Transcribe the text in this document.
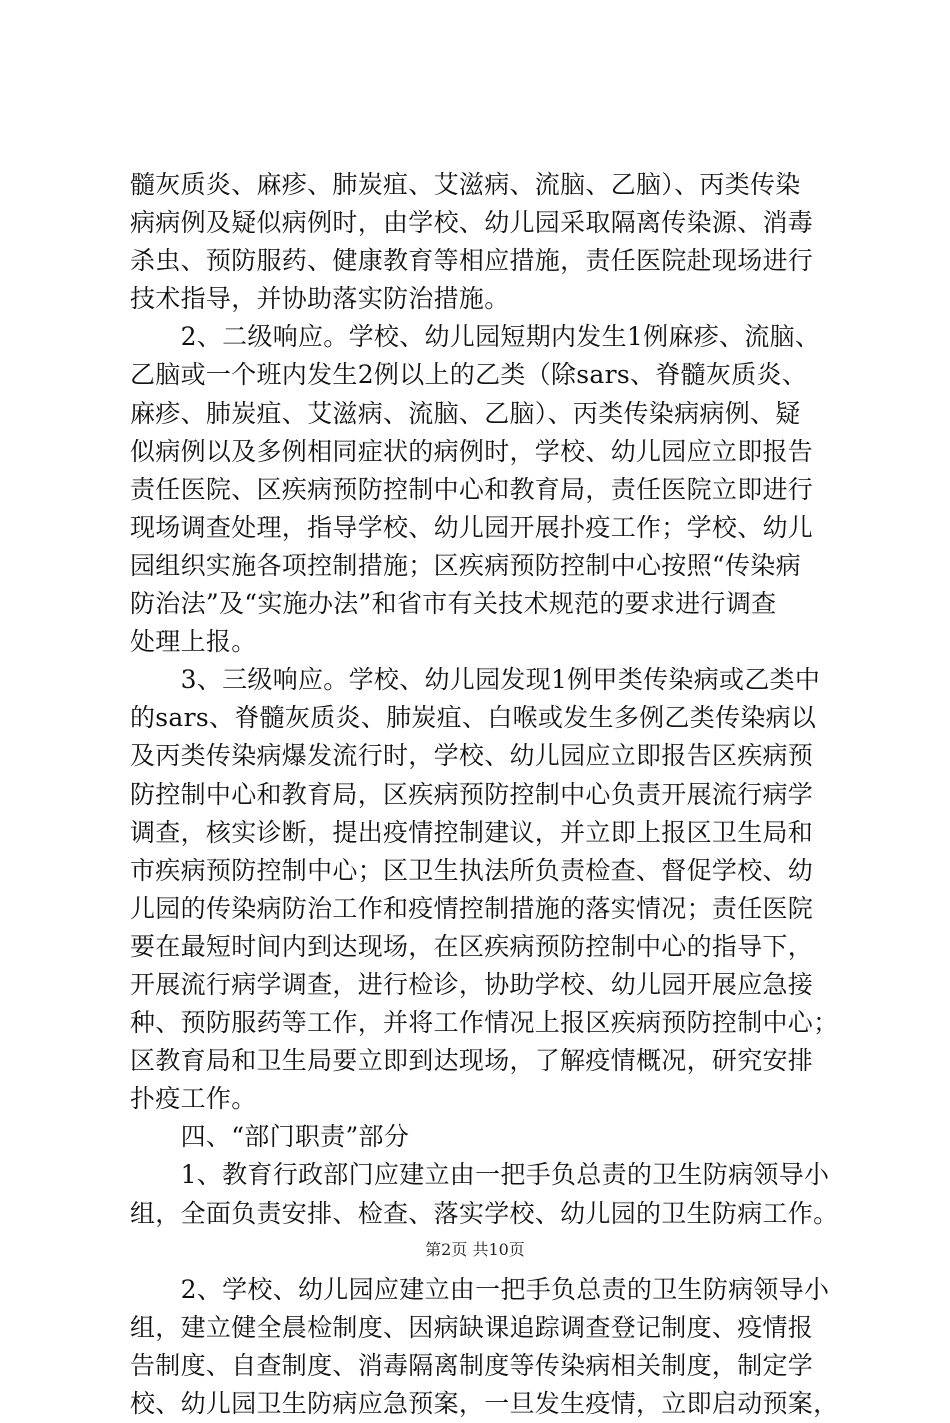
髓灰质炎、麻疹、肺炭疽、艾滋病、流脑、乙脑）、丙类传染
病病例及疑似病例时，由学校、幼儿园采取隔离传染源、消毒
杀虫、预防服药、健康教育等相应措施，责任医院赴现场进行
技术指导，并协助落实防治措施。
　　2、二级响应。学校、幼儿园短期内发生1例麻疹、流脑、
乙脑或一个班内发生2例以上的乙类（除sars、脊髓灰质炎、
麻疹、肺炭疽、艾滋病、流脑、乙脑）、丙类传染病病例、疑
似病例以及多例相同症状的病例时，学校、幼儿园应立即报告
责任医院、区疾病预防控制中心和教育局，责任医院立即进行
现场调查处理，指导学校、幼儿园开展扑疫工作；学校、幼儿
园组织实施各项控制措施；区疾病预防控制中心按照“传染病
防治法”及“实施办法”和省市有关技术规范的要求进行调查
处理上报。
　　3、三级响应。学校、幼儿园发现1例甲类传染病或乙类中
的sars、脊髓灰质炎、肺炭疽、白喉或发生多例乙类传染病以
及丙类传染病爆发流行时，学校、幼儿园应立即报告区疾病预
防控制中心和教育局，区疾病预防控制中心负责开展流行病学
调查，核实诊断，提出疫情控制建议，并立即上报区卫生局和
市疾病预防控制中心；区卫生执法所负责检查、督促学校、幼
儿园的传染病防治工作和疫情控制措施的落实情况；责任医院
要在最短时间内到达现场，在区疾病预防控制中心的指导下，
开展流行病学调查，进行检诊，协助学校、幼儿园开展应急接
种、预防服药等工作，并将工作情况上报区疾病预防控制中心；
区教育局和卫生局要立即到达现场，了解疫情概况，研究安排
扑疫工作。
　　四、“部门职责”部分
　　1、教育行政部门应建立由一把手负总责的卫生防病领导小
组，全面负责安排、检查、落实学校、幼儿园的卫生防病工作。
　　2、学校、幼儿园应建立由一把手负总责的卫生防病领导小
组，建立健全晨检制度、因病缺课追踪调查登记制度、疫情报
告制度、自查制度、消毒隔离制度等传染病相关制度，制定学
校、幼儿园卫生防病应急预案，一旦发生疫情，立即启动预案，
第2页 共10页
